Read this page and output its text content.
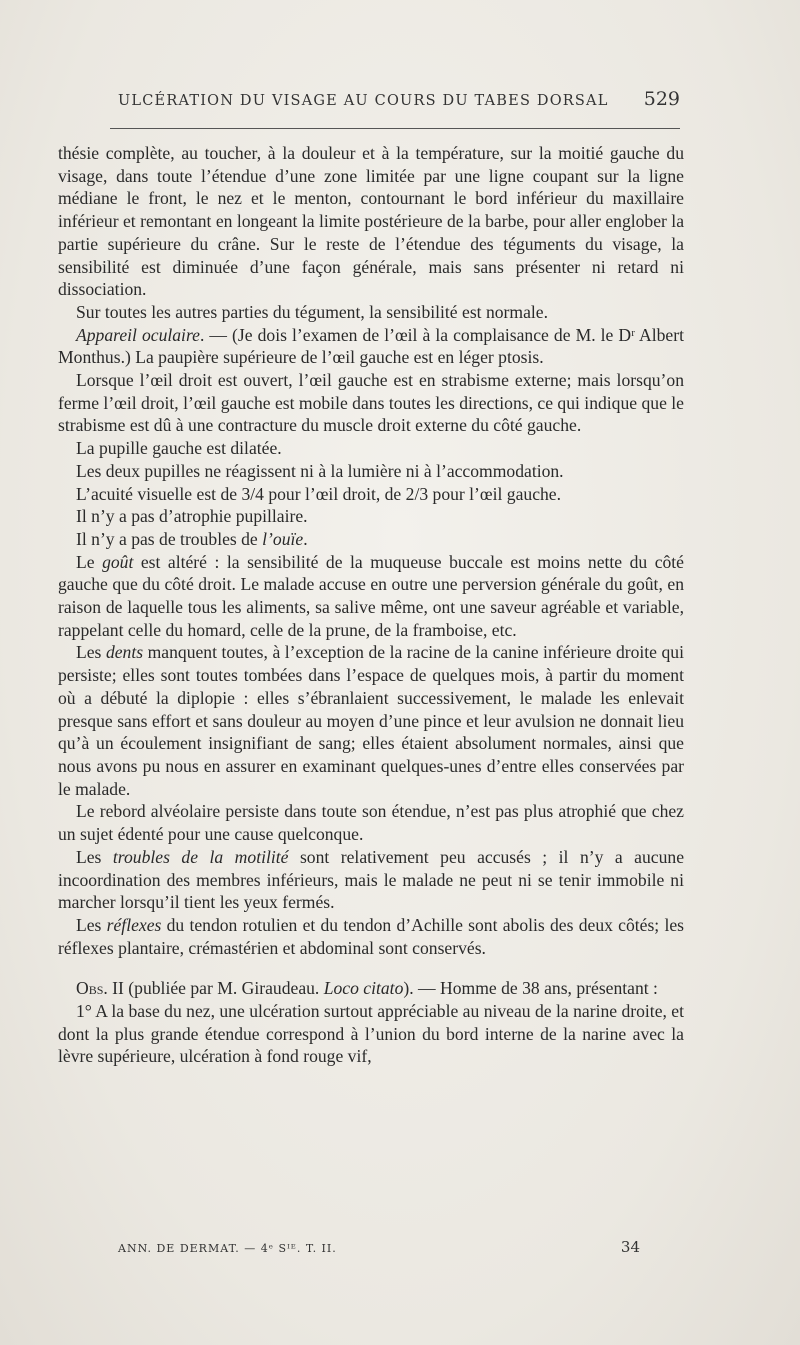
ULCÉRATION DU VISAGE AU COURS DU TABES DORSAL 529

thésie complète, au toucher, à la douleur et à la température, sur la moitié gauche du visage, dans toute l’étendue d’une zone limitée par une ligne coupant sur la ligne médiane le front, le nez et le menton, contournant le bord inférieur du maxillaire inférieur et remontant en longeant la limite postérieure de la barbe, pour aller englober la partie supérieure du crâne. Sur le reste de l’étendue des téguments du visage, la sensibilité est diminuée d’une façon générale, mais sans présenter ni retard ni dissociation.

Sur toutes les autres parties du tégument, la sensibilité est normale.

Appareil oculaire. — (Je dois l’examen de l’œil à la complaisance de M. le Dʳ Albert Monthus.) La paupière supérieure de l’œil gauche est en léger ptosis.

Lorsque l’œil droit est ouvert, l’œil gauche est en strabisme externe; mais lorsqu’on ferme l’œil droit, l’œil gauche est mobile dans toutes les directions, ce qui indique que le strabisme est dû à une contracture du muscle droit externe du côté gauche.

La pupille gauche est dilatée.

Les deux pupilles ne réagissent ni à la lumière ni à l’accommodation.

L’acuité visuelle est de 3/4 pour l’œil droit, de 2/3 pour l’œil gauche.

Il n’y a pas d’atrophie pupillaire.

Il n’y a pas de troubles de l’ouïe.

Le goût est altéré : la sensibilité de la muqueuse buccale est moins nette du côté gauche que du côté droit. Le malade accuse en outre une perversion générale du goût, en raison de laquelle tous les aliments, sa salive même, ont une saveur agréable et variable, rappelant celle du homard, celle de la prune, de la framboise, etc.

Les dents manquent toutes, à l’exception de la racine de la canine inférieure droite qui persiste; elles sont toutes tombées dans l’espace de quelques mois, à partir du moment où a débuté la diplopie : elles s’ébranlaient successivement, le malade les enlevait presque sans effort et sans douleur au moyen d’une pince et leur avulsion ne donnait lieu qu’à un écoulement insignifiant de sang; elles étaient absolument normales, ainsi que nous avons pu nous en assurer en examinant quelques-unes d’entre elles conservées par le malade.

Le rebord alvéolaire persiste dans toute son étendue, n’est pas plus atrophié que chez un sujet édenté pour une cause quelconque.

Les troubles de la motilité sont relativement peu accusés ; il n’y a aucune incoordination des membres inférieurs, mais le malade ne peut ni se tenir immobile ni marcher lorsqu’il tient les yeux fermés.

Les réflexes du tendon rotulien et du tendon d’Achille sont abolis des deux côtés; les réflexes plantaire, crémastérien et abdominal sont conservés.

Obs. II (publiée par M. Giraudeau. Loco citato). — Homme de 38 ans, présentant :

1° A la base du nez, une ulcération surtout appréciable au niveau de la narine droite, et dont la plus grande étendue correspond à l’union du bord interne de la narine avec la lèvre supérieure, ulcération à fond rouge vif,

ANN. DE DERMAT. — 4ᵉ Sᴵᴱ. T. II.	34
